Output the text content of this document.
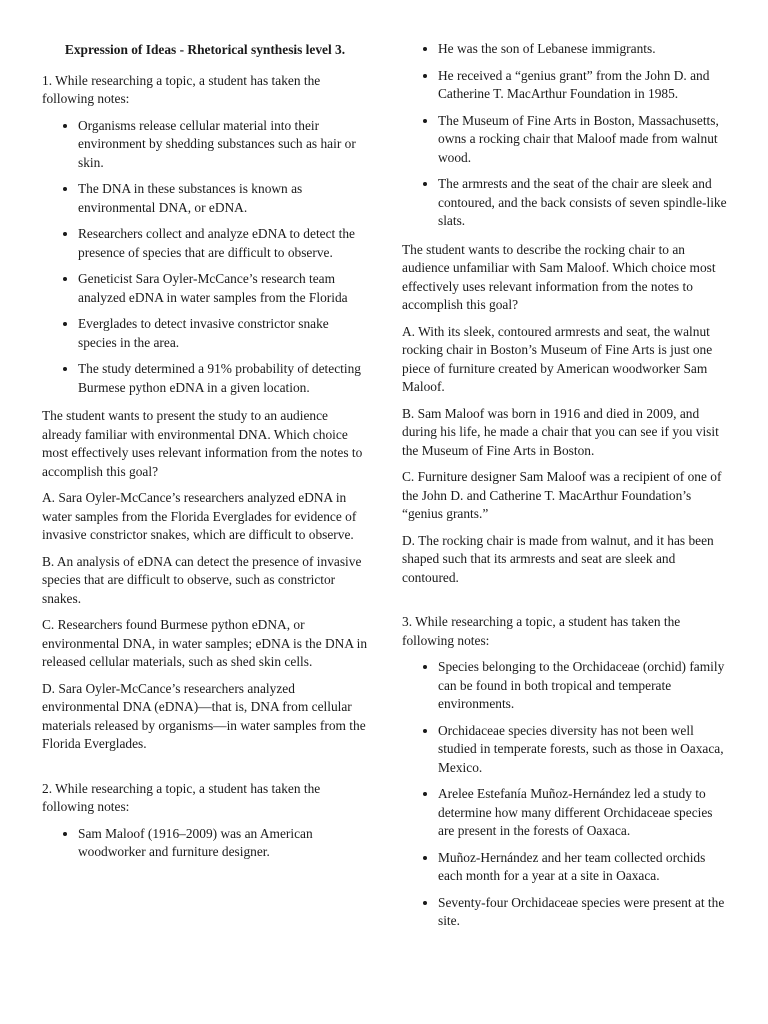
Expression of Ideas - Rhetorical synthesis level 3.

1. While researching a topic, a student has taken the following notes:

• Organisms release cellular material into their environment by shedding substances such as hair or skin.
• The DNA in these substances is known as environmental DNA, or eDNA.
• Researchers collect and analyze eDNA to detect the presence of species that are difficult to observe.
• Geneticist Sara Oyler-McCance’s research team analyzed eDNA in water samples from the Florida
• Everglades to detect invasive constrictor snake species in the area.
• The study determined a 91% probability of detecting Burmese python eDNA in a given location.

The student wants to present the study to an audience already familiar with environmental DNA. Which choice most effectively uses relevant information from the notes to accomplish this goal?

A. Sara Oyler-McCance’s researchers analyzed eDNA in water samples from the Florida Everglades for evidence of invasive constrictor snakes, which are difficult to observe.

B. An analysis of eDNA can detect the presence of invasive species that are difficult to observe, such as constrictor snakes.

C. Researchers found Burmese python eDNA, or environmental DNA, in water samples; eDNA is the DNA in released cellular materials, such as shed skin cells.

D. Sara Oyler-McCance’s researchers analyzed environmental DNA (eDNA)—that is, DNA from cellular materials released by organisms—in water samples from the Florida Everglades.

2. While researching a topic, a student has taken the following notes:

• Sam Maloof (1916–2009) was an American woodworker and furniture designer.
• He was the son of Lebanese immigrants.
• He received a “genius grant” from the John D. and Catherine T. MacArthur Foundation in 1985.
• The Museum of Fine Arts in Boston, Massachusetts, owns a rocking chair that Maloof made from walnut wood.
• The armrests and the seat of the chair are sleek and contoured, and the back consists of seven spindle-like slats.

The student wants to describe the rocking chair to an audience unfamiliar with Sam Maloof. Which choice most effectively uses relevant information from the notes to accomplish this goal?

A. With its sleek, contoured armrests and seat, the walnut rocking chair in Boston’s Museum of Fine Arts is just one piece of furniture created by American woodworker Sam Maloof.

B. Sam Maloof was born in 1916 and died in 2009, and during his life, he made a chair that you can see if you visit the Museum of Fine Arts in Boston.

C. Furniture designer Sam Maloof was a recipient of one of the John D. and Catherine T. MacArthur Foundation’s “genius grants.”

D. The rocking chair is made from walnut, and it has been shaped such that its armrests and seat are sleek and contoured.

3. While researching a topic, a student has taken the following notes:

• Species belonging to the Orchidaceae (orchid) family can be found in both tropical and temperate environments.
• Orchidaceae species diversity has not been well studied in temperate forests, such as those in Oaxaca, Mexico.
• Arelee Estefanía Muñoz-Hernández led a study to determine how many different Orchidaceae species are present in the forests of Oaxaca.
• Muñoz-Hernández and her team collected orchids each month for a year at a site in Oaxaca.
• Seventy-four Orchidaceae species were present at the site.
